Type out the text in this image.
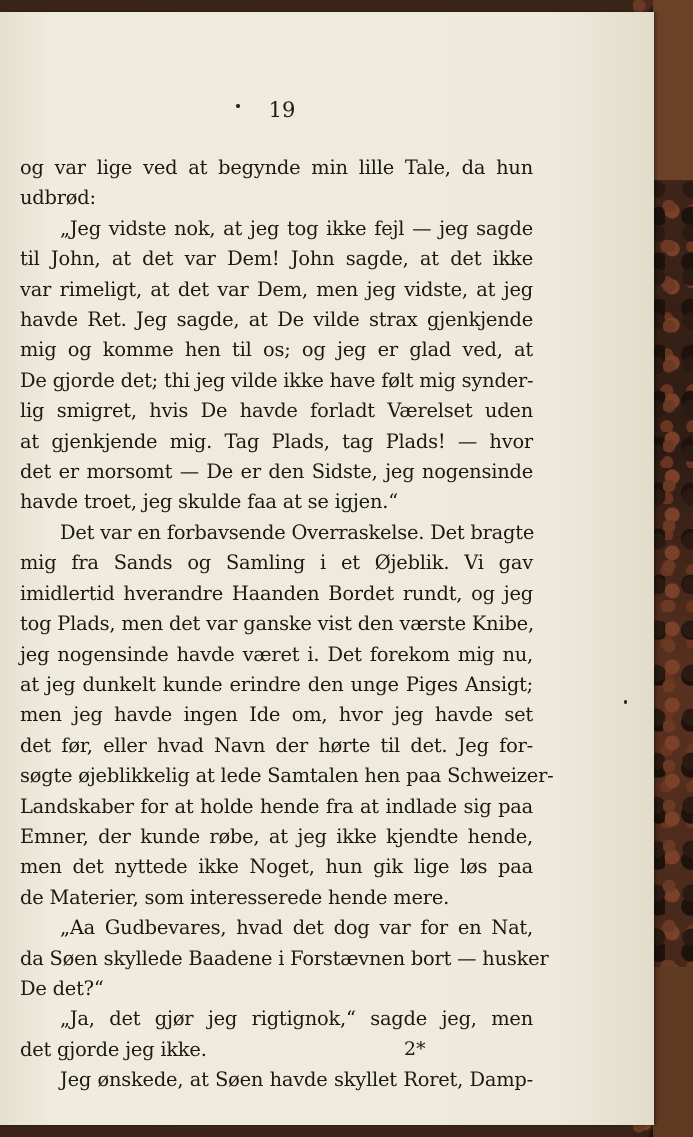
19
og var lige ved at begynde min lille Tale, da hun
udbrød:
„Jeg vidste nok, at jeg tog ikke fejl — jeg sagde
til John, at det var Dem! John sagde, at det ikke
var rimeligt, at det var Dem, men jeg vidste, at jeg
havde Ret. Jeg sagde, at De vilde strax gjenkjende
mig og komme hen til os; og jeg er glad ved, at
De gjorde det; thi jeg vilde ikke have følt mig synder-
lig smigret, hvis De havde forladt Værelset uden
at gjenkjende mig. Tag Plads, tag Plads! — hvor
det er morsomt — De er den Sidste, jeg nogensinde
havde troet, jeg skulde faa at se igjen.“
Det var en forbavsende Overraskelse. Det bragte
mig fra Sands og Samling i et Øjeblik. Vi gav
imidlertid hverandre Haanden Bordet rundt, og jeg
tog Plads, men det var ganske vist den værste Knibe,
jeg nogensinde havde været i. Det forekom mig nu,
at jeg dunkelt kunde erindre den unge Piges Ansigt;
men jeg havde ingen Ide om, hvor jeg havde set
det før, eller hvad Navn der hørte til det. Jeg for-
søgte øjeblikkelig at lede Samtalen hen paa Schweizer-
Landskaber for at holde hende fra at indlade sig paa
Emner, der kunde røbe, at jeg ikke kjendte hende,
men det nyttede ikke Noget, hun gik lige løs paa
de Materier, som interesserede hende mere.
„Aa Gudbevares, hvad det dog var for en Nat,
da Søen skyllede Baadene i Forstævnen bort — husker
De det?“
„Ja, det gjør jeg rigtignok,“ sagde jeg, men
det gjorde jeg ikke.
Jeg ønskede, at Søen havde skyllet Roret, Damp-
2*
